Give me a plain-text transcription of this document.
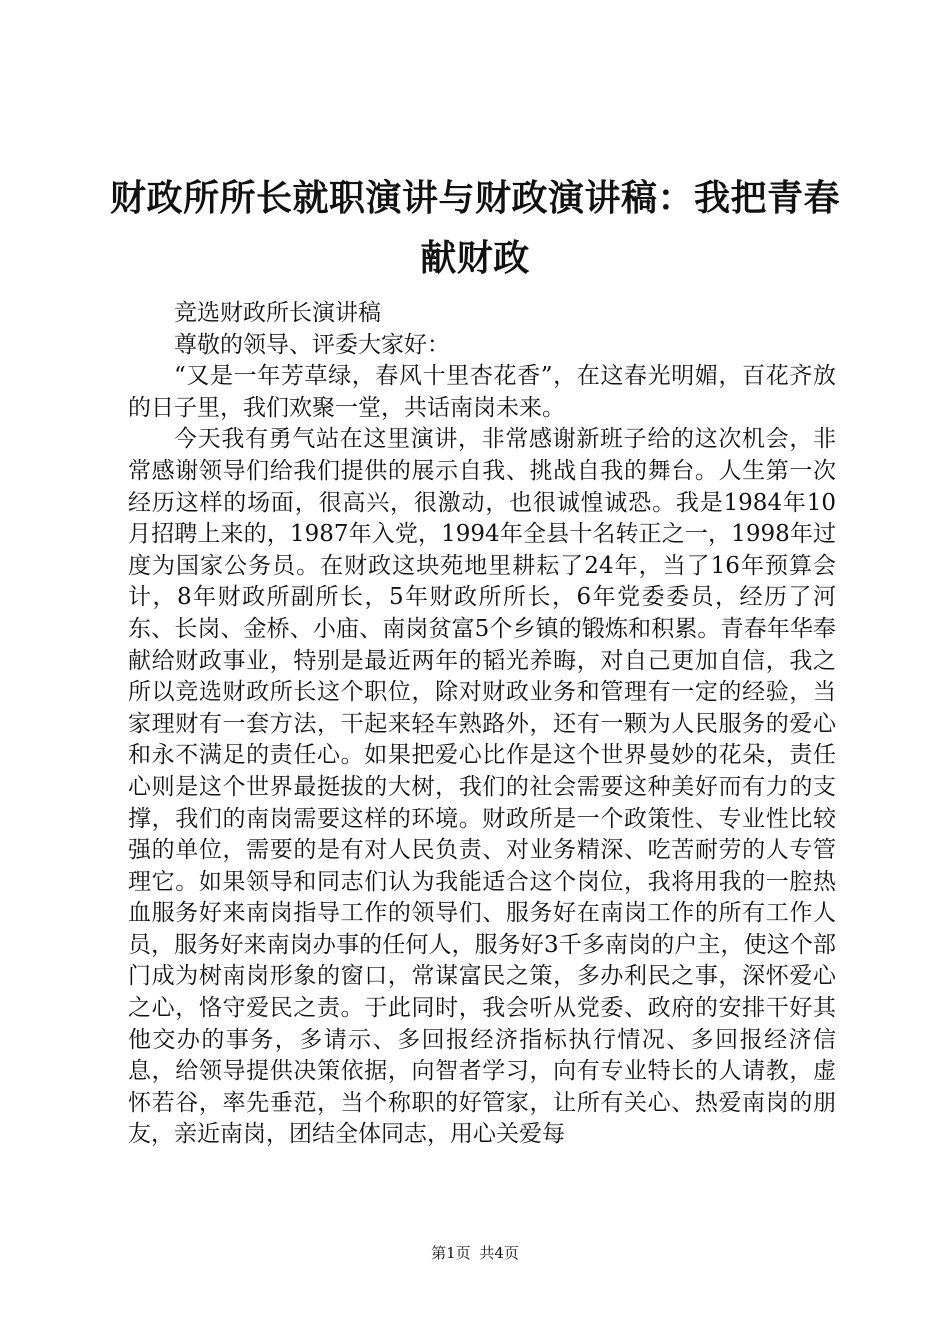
财政所所长就职演讲与财政演讲稿：我把青春献财政

竞选财政所长演讲稿

尊敬的领导、评委大家好：

“又是一年芳草绿，春风十里杏花香”，在这春光明媚，百花齐放的日子里，我们欢聚一堂，共话南岗未来。

今天我有勇气站在这里演讲，非常感谢新班子给的这次机会，非常感谢领导们给我们提供的展示自我、挑战自我的舞台。人生第一次经历这样的场面，很高兴，很激动，也很诚惶诚恐。我是1984年10月招聘上来的，1987年入党，1994年全县十名转正之一，1998年过度为国家公务员。在财政这块苑地里耕耘了24年，当了16年预算会计，8年财政所副所长，5年财政所所长，6年党委委员，经历了河东、长岗、金桥、小庙、南岗贫富5个乡镇的锻炼和积累。青春年华奉献给财政事业，特别是最近两年的韬光养晦，对自己更加自信，我之所以竞选财政所长这个职位，除对财政业务和管理有一定的经验，当家理财有一套方法，干起来轻车熟路外，还有一颗为人民服务的爱心和永不满足的责任心。如果把爱心比作是这个世界曼妙的花朵，责任心则是这个世界最挺拔的大树，我们的社会需要这种美好而有力的支撑，我们的南岗需要这样的环境。财政所是一个政策性、专业性比较强的单位，需要的是有对人民负责、对业务精深、吃苦耐劳的人专管理它。如果领导和同志们认为我能适合这个岗位，我将用我的一腔热血服务好来南岗指导工作的领导们、服务好在南岗工作的所有工作人员，服务好来南岗办事的任何人，服务好3千多南岗的户主，使这个部门成为树南岗形象的窗口，常谋富民之策，多办利民之事，深怀爱心之心，恪守爱民之责。于此同时，我会听从党委、政府的安排干好其他交办的事务，多请示、多回报经济指标执行情况、多回报经济信息，给领导提供决策依据，向智者学习，向有专业特长的人请教，虚怀若谷，率先垂范，当个称职的好管家，让所有关心、热爱南岗的朋友，亲近南岗，团结全体同志，用心关爱每

第1页 共4页
